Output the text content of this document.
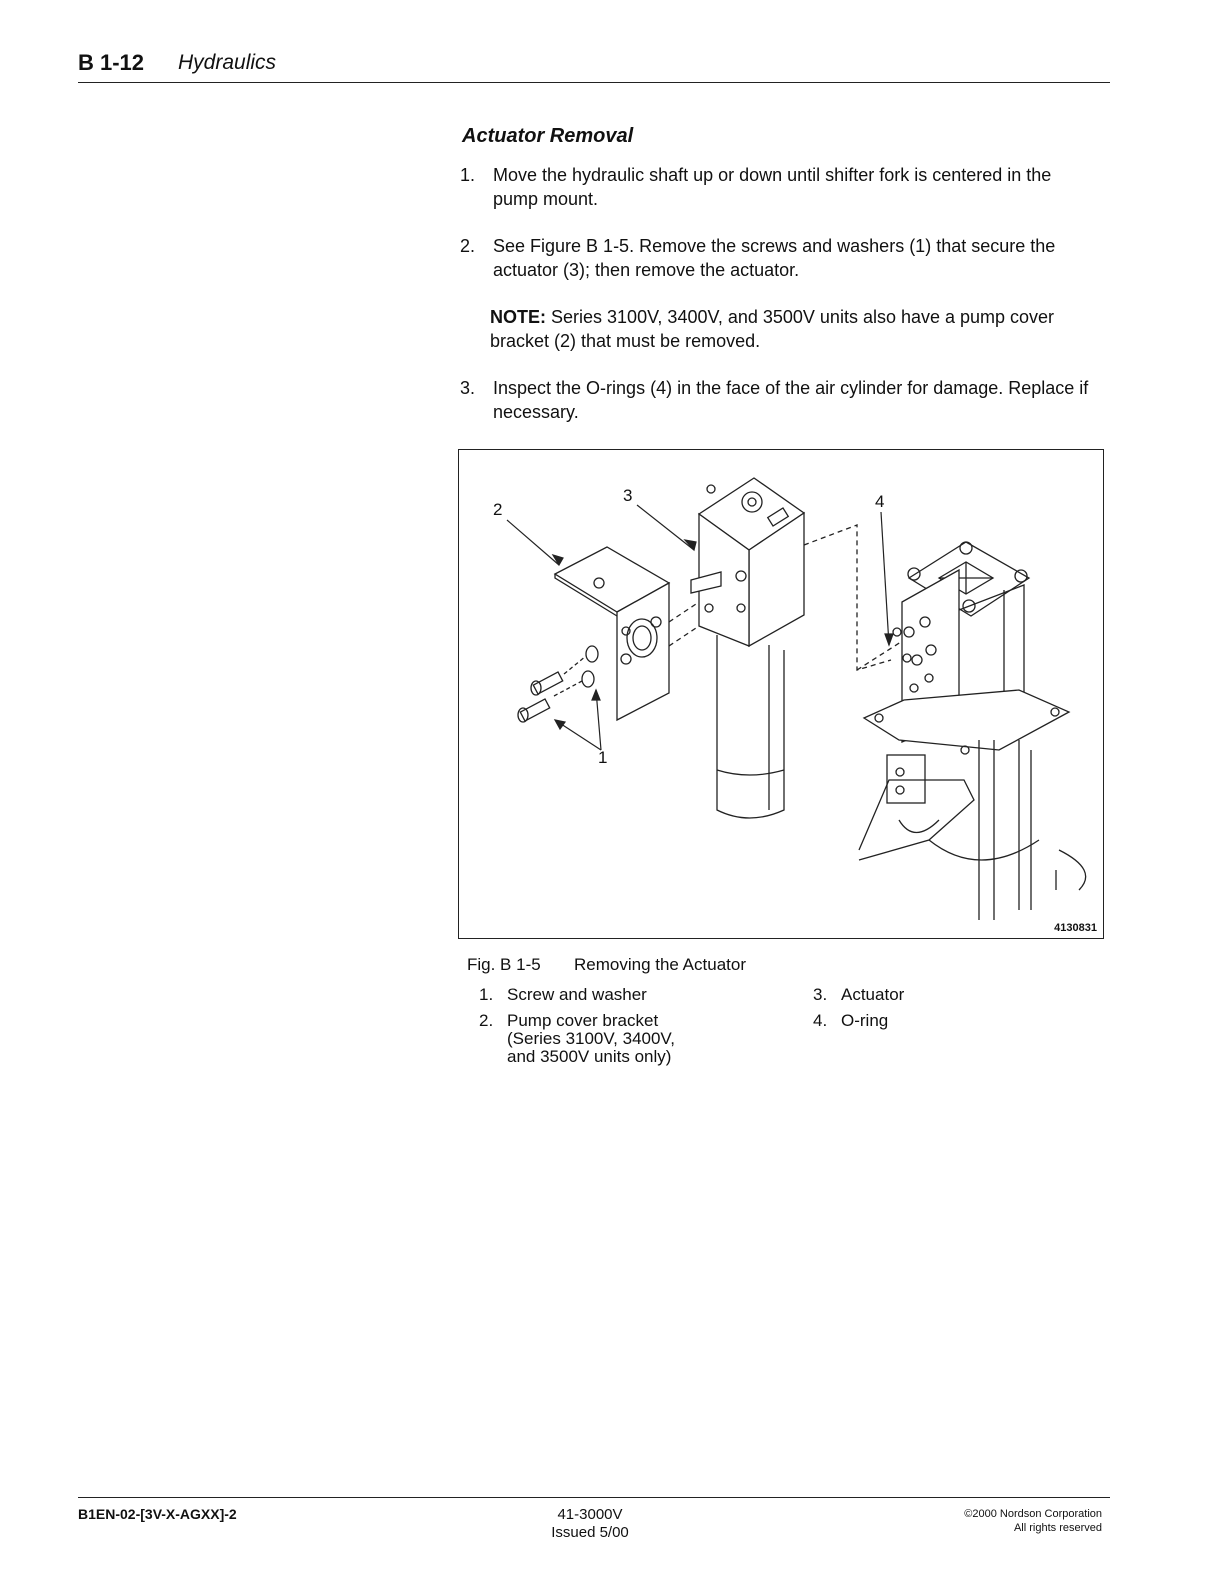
B 1-12 Hydraulics
Actuator Removal
1. Move the hydraulic shaft up or down until shifter fork is centered in the pump mount.
2. See Figure B 1-5. Remove the screws and washers (1) that secure the actuator (3); then remove the actuator.
NOTE: Series 3100V, 3400V, and 3500V units also have a pump cover bracket (2) that must be removed.
3. Inspect the O-rings (4) in the face of the air cylinder for damage. Replace if necessary.
2
3	4
1
4130831
Fig. B 1-5 Removing the Actuator
1. Screw and washer
2. Pump cover bracket (Series 3100V, 3400V, and 3500V units only)
3. Actuator
4. O-ring
B1EN-02-[3V-X-AGXX]-2	41-3000V
Issued 5/00
©2000 Nordson Corporation
All rights reserved
